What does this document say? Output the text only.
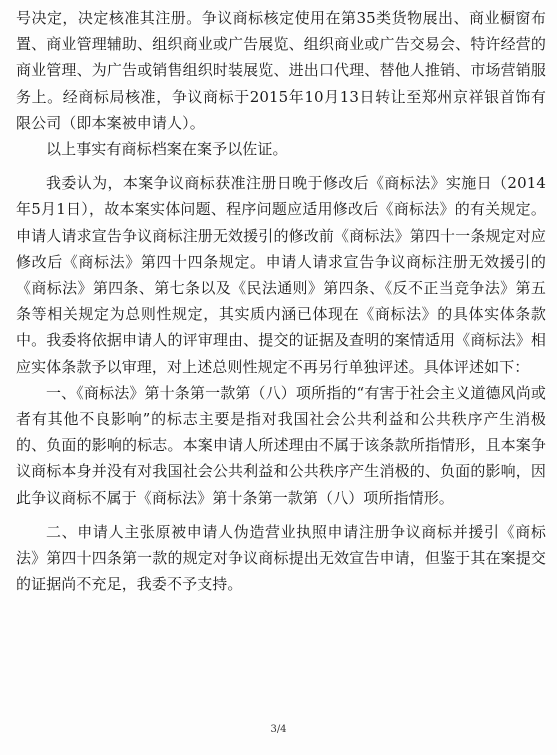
号决定，决定核准其注册。争议商标核定使用在第35类货物展出、商业橱窗布置、商业管理辅助、组织商业或广告展览、组织商业或广告交易会、特许经营的商业管理、为广告或销售组织时装展览、进出口代理、替他人推销、市场营销服务上。经商标局核准，争议商标于2015年10月13日转让至郑州京祥银首饰有限公司（即本案被申请人）。

以上事实有商标档案在案予以佐证。

我委认为，本案争议商标获准注册日晚于修改后《商标法》实施日（2014年5月1日），故本案实体问题、程序问题应适用修改后《商标法》的有关规定。申请人请求宣告争议商标注册无效援引的修改前《商标法》第四十一条规定对应修改后《商标法》第四十四条规定。申请人请求宣告争议商标注册无效援引的《商标法》第四条、第七条以及《民法通则》第四条、《反不正当竞争法》第五条等相关规定为总则性规定，其实质内涵已体现在《商标法》的具体实体条款中。我委将依据申请人的评审理由、提交的证据及查明的案情适用《商标法》相应实体条款予以审理，对上述总则性规定不再另行单独评述。具体评述如下：

一、《商标法》第十条第一款第（八）项所指的“有害于社会主义道德风尚或者有其他不良影响”的标志主要是指对我国社会公共利益和公共秩序产生消极的、负面的影响的标志。本案申请人所述理由不属于该条款所指情形，且本案争议商标本身并没有对我国社会公共利益和公共秩序产生消极的、负面的影响，因此争议商标不属于《商标法》第十条第一款第（八）项所指情形。

二、申请人主张原被申请人伪造营业执照申请注册争议商标并援引《商标法》第四十四条第一款的规定对争议商标提出无效宣告申请，但鉴于其在案提交的证据尚不充足，我委不予支持。

3/4
